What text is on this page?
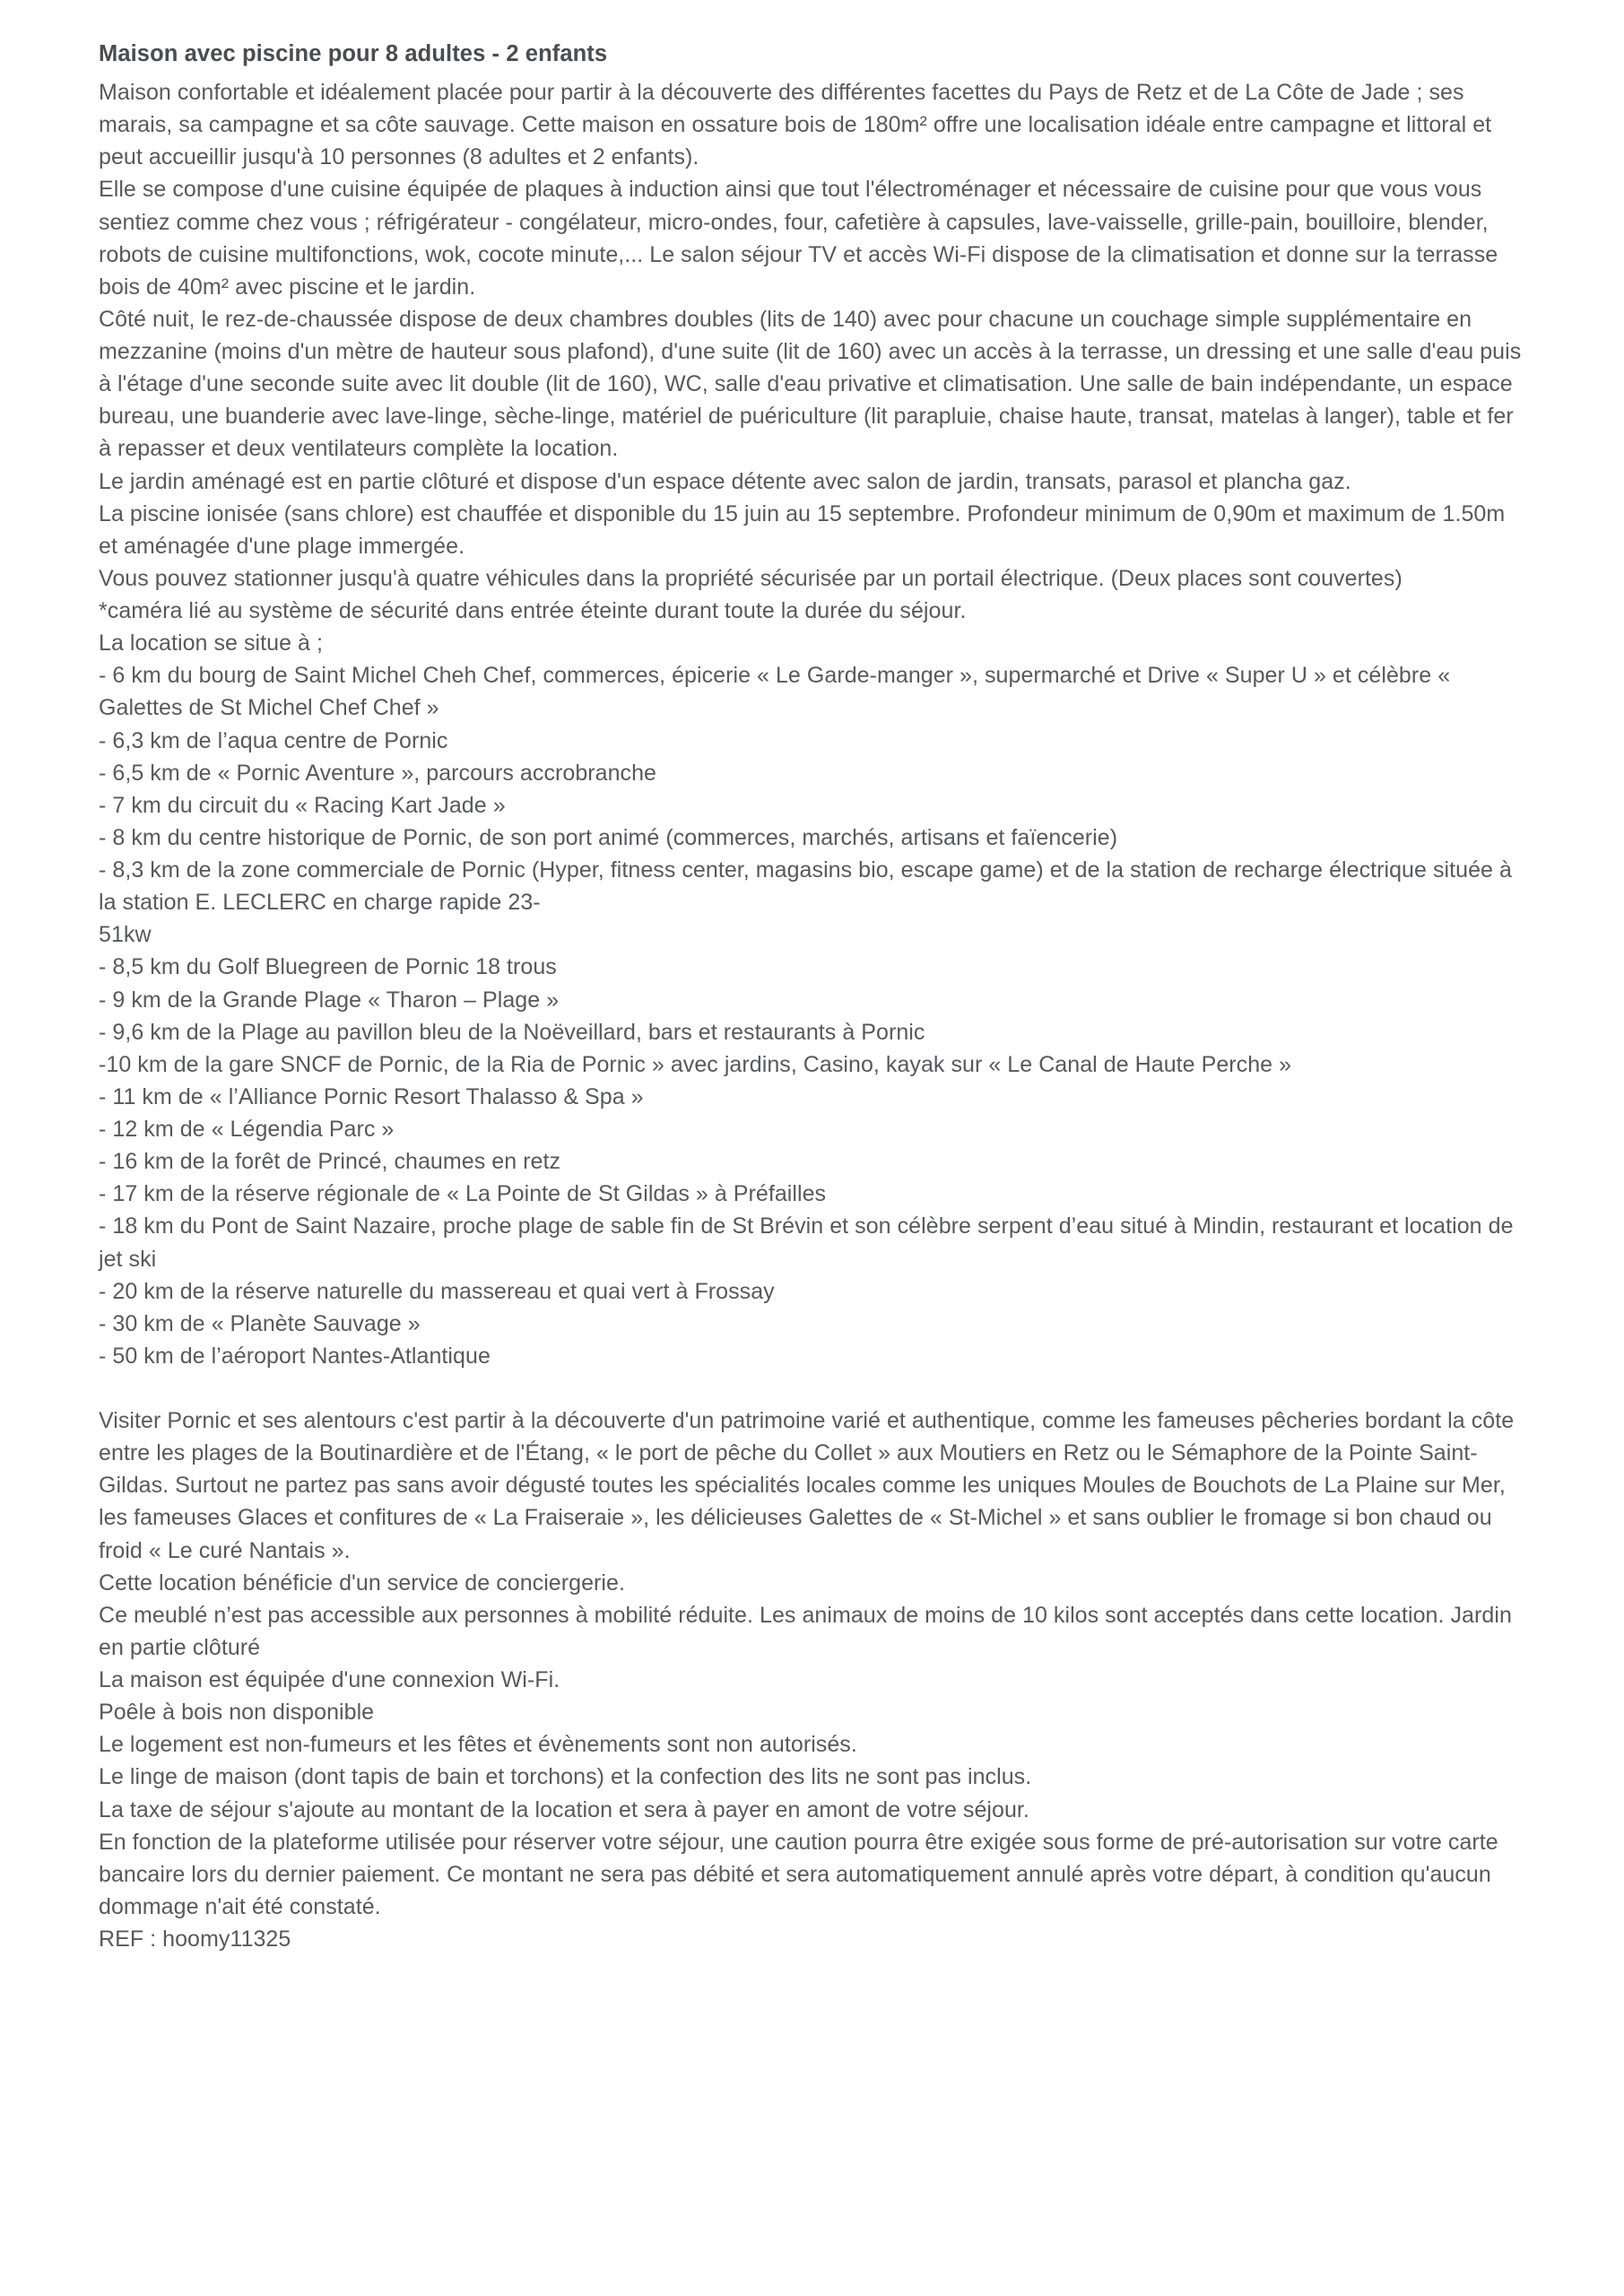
Maison avec piscine pour 8 adultes - 2 enfants

Maison confortable et idéalement placée pour partir à la découverte des différentes facettes du Pays de Retz et de La Côte de Jade ; ses marais, sa campagne et sa côte sauvage. Cette maison en ossature bois de 180m² offre une localisation idéale entre campagne et littoral et peut accueillir jusqu'à 10 personnes (8 adultes et 2 enfants).

Elle se compose d'une cuisine équipée de plaques à induction ainsi que tout l'électroménager et nécessaire de cuisine pour que vous vous sentiez comme chez vous ; réfrigérateur - congélateur, micro-ondes, four, cafetière à capsules, lave-vaisselle, grille-pain, bouilloire, blender, robots de cuisine multifonctions, wok, cocote minute,... Le salon séjour TV et accès Wi-Fi dispose de la climatisation et donne sur la terrasse bois de 40m² avec piscine et le jardin.

Côté nuit, le rez-de-chaussée dispose de deux chambres doubles (lits de 140) avec pour chacune un couchage simple supplémentaire en mezzanine (moins d'un mètre de hauteur sous plafond), d'une suite (lit de 160) avec un accès à la terrasse, un dressing et une salle d'eau puis à l'étage d'une seconde suite avec lit double (lit de 160), WC, salle d'eau privative et climatisation. Une salle de bain indépendante, un espace bureau, une buanderie avec lave-linge, sèche-linge, matériel de puériculture (lit parapluie, chaise haute, transat, matelas à langer), table et fer à repasser et deux ventilateurs complète la location.

Le jardin aménagé est en partie clôturé et dispose d'un espace détente avec salon de jardin, transats, parasol et plancha gaz.

La piscine ionisée (sans chlore) est chauffée et disponible du 15 juin au 15 septembre. Profondeur minimum de 0,90m et maximum de 1.50m et aménagée d'une plage immergée.

Vous pouvez stationner jusqu'à quatre véhicules dans la propriété sécurisée par un portail électrique. (Deux places sont couvertes)

*caméra lié au système de sécurité dans entrée éteinte durant toute la durée du séjour.

La location se situe à ;

- 6 km du bourg de Saint Michel Cheh Chef, commerces, épicerie « Le Garde-manger », supermarché et Drive « Super U » et célèbre « Galettes de St Michel Chef Chef »

- 6,3 km de l’aqua centre de Pornic

- 6,5 km de « Pornic Aventure », parcours accrobranche

- 7 km du circuit du « Racing Kart Jade »

- 8 km du centre historique de Pornic, de son port animé (commerces, marchés, artisans et faïencerie)

- 8,3 km de la zone commerciale de Pornic (Hyper, fitness center, magasins bio, escape game) et de la station de recharge électrique située à la station E. LECLERC en charge rapide 23-

51kw

- 8,5 km du Golf Bluegreen de Pornic 18 trous

- 9 km de la Grande Plage « Tharon – Plage »

- 9,6 km de la Plage au pavillon bleu de la Noëveillard, bars et restaurants à Pornic

-10 km de la gare SNCF de Pornic, de la Ria de Pornic » avec jardins, Casino, kayak sur « Le Canal de Haute Perche »

- 11 km de « l’Alliance Pornic Resort Thalasso & Spa »

- 12 km de « Légendia Parc »

- 16 km de la forêt de Princé, chaumes en retz

- 17 km de la réserve régionale de « La Pointe de St Gildas » à Préfailles

- 18 km du Pont de Saint Nazaire, proche plage de sable fin de St Brévin et son célèbre serpent d’eau situé à Mindin, restaurant et location de jet ski

- 20 km de la réserve naturelle du massereau et quai vert à Frossay

- 30 km de « Planète Sauvage »

- 50 km de l’aéroport Nantes-Atlantique

Visiter Pornic et ses alentours c'est partir à la découverte d'un patrimoine varié et authentique, comme les fameuses pêcheries bordant la côte entre les plages de la Boutinardière et de l'Étang, « le port de pêche du Collet » aux Moutiers en Retz ou le Sémaphore de la Pointe Saint-Gildas. Surtout ne partez pas sans avoir dégusté toutes les spécialités locales comme les uniques Moules de Bouchots de La Plaine sur Mer, les fameuses Glaces et confitures de « La Fraiseraie », les délicieuses Galettes de « St-Michel » et sans oublier le fromage si bon chaud ou froid « Le curé Nantais ».

Cette location bénéficie d'un service de conciergerie.

Ce meublé n’est pas accessible aux personnes à mobilité réduite. Les animaux de moins de 10 kilos sont acceptés dans cette location. Jardin en partie clôturé

La maison est équipée d'une connexion Wi-Fi.

Poêle à bois non disponible

Le logement est non-fumeurs et les fêtes et évènements sont non autorisés.

Le linge de maison (dont tapis de bain et torchons) et la confection des lits ne sont pas inclus.

La taxe de séjour s'ajoute au montant de la location et sera à payer en amont de votre séjour.

En fonction de la plateforme utilisée pour réserver votre séjour, une caution pourra être exigée sous forme de pré-autorisation sur votre carte bancaire lors du dernier paiement. Ce montant ne sera pas débité et sera automatiquement annulé après votre départ, à condition qu'aucun dommage n'ait été constaté.

REF : hoomy11325
